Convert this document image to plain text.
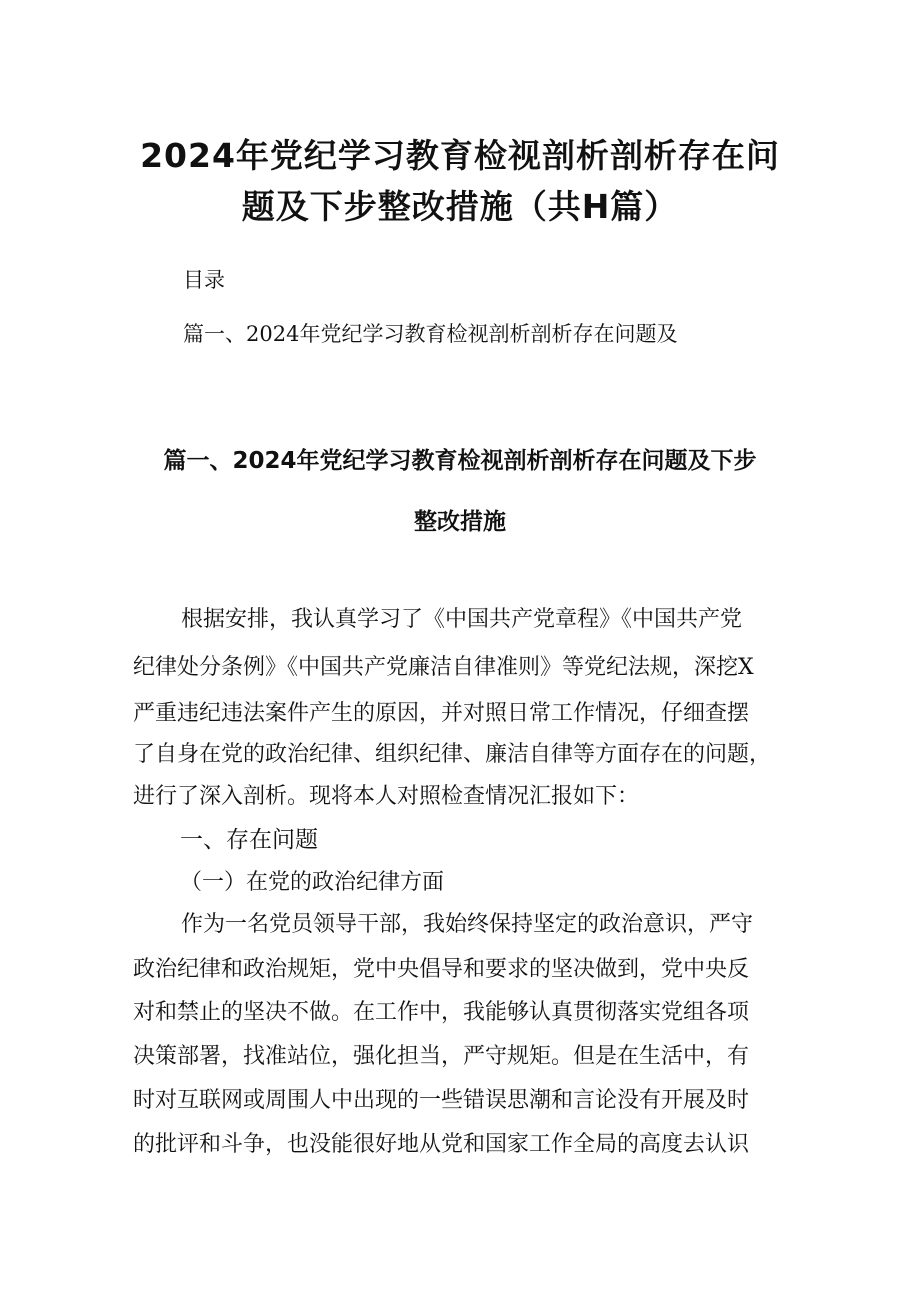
2024年党纪学习教育检视剖析剖析存在问
题及下步整改措施（共H篇）
目录
篇一、2024年党纪学习教育检视剖析剖析存在问题及
篇一、2024年党纪学习教育检视剖析剖析存在问题及下步
整改措施
根据安排，我认真学习了《中国共产党章程》《中国共产党
纪律处分条例》《中国共产党廉洁自律准则》等党纪法规，深挖X
严重违纪违法案件产生的原因，并对照日常工作情况，仔细查摆
了自身在党的政治纪律、组织纪律、廉洁自律等方面存在的问题，
进行了深入剖析。现将本人对照检查情况汇报如下：
一、存在问题
（一）在党的政治纪律方面
作为一名党员领导干部，我始终保持坚定的政治意识，严守
政治纪律和政治规矩，党中央倡导和要求的坚决做到，党中央反
对和禁止的坚决不做。在工作中，我能够认真贯彻落实党组各项
决策部署，找准站位，强化担当，严守规矩。但是在生活中，有
时对互联网或周围人中出现的一些错误思潮和言论没有开展及时
的批评和斗争，也没能很好地从党和国家工作全局的高度去认识
